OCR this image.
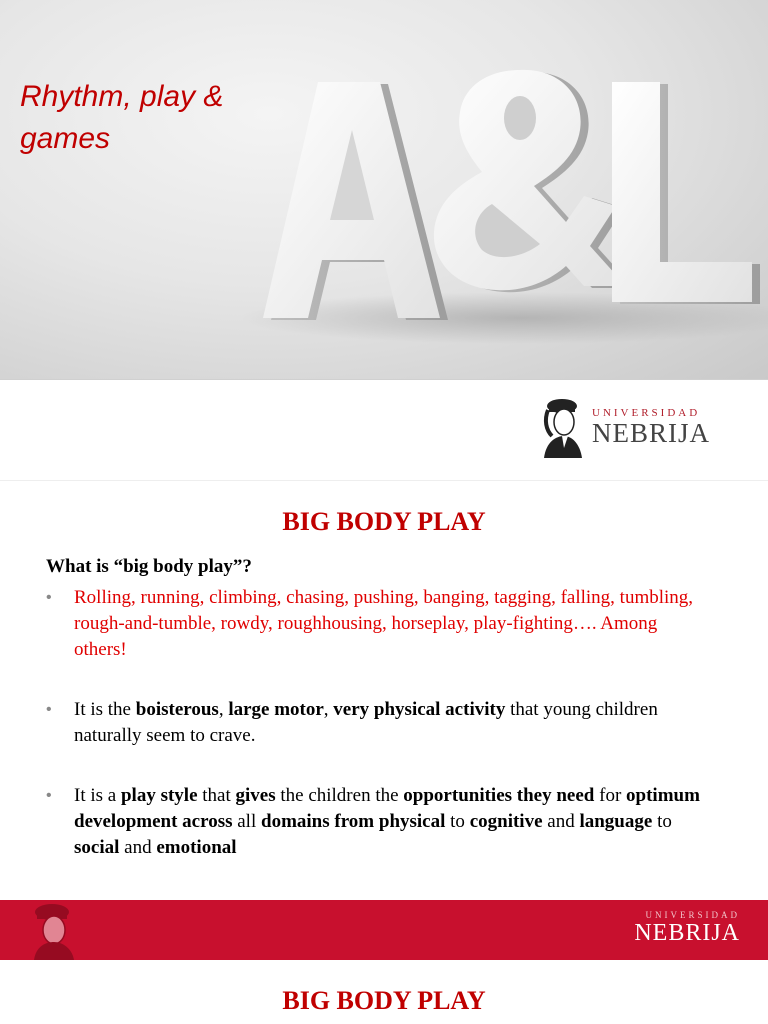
Rhythm, play &
games
UNIVERSIDAD
NEBRIJA
BIG BODY PLAY

What is “big body play”?

• Rolling, running, climbing, chasing, pushing, banging, tagging, falling, tumbling, rough-and-tumble, rowdy, roughhousing, horseplay, play-fighting…. Among others!
• It is the boisterous, large motor, very physical activity that young children naturally seem to crave.
• It is a play style that gives the children the opportunities they need for optimum development across all domains from physical to cognitive and language to social and emotional
UNIVERSIDAD
NEBRIJA
BIG BODY PLAY
